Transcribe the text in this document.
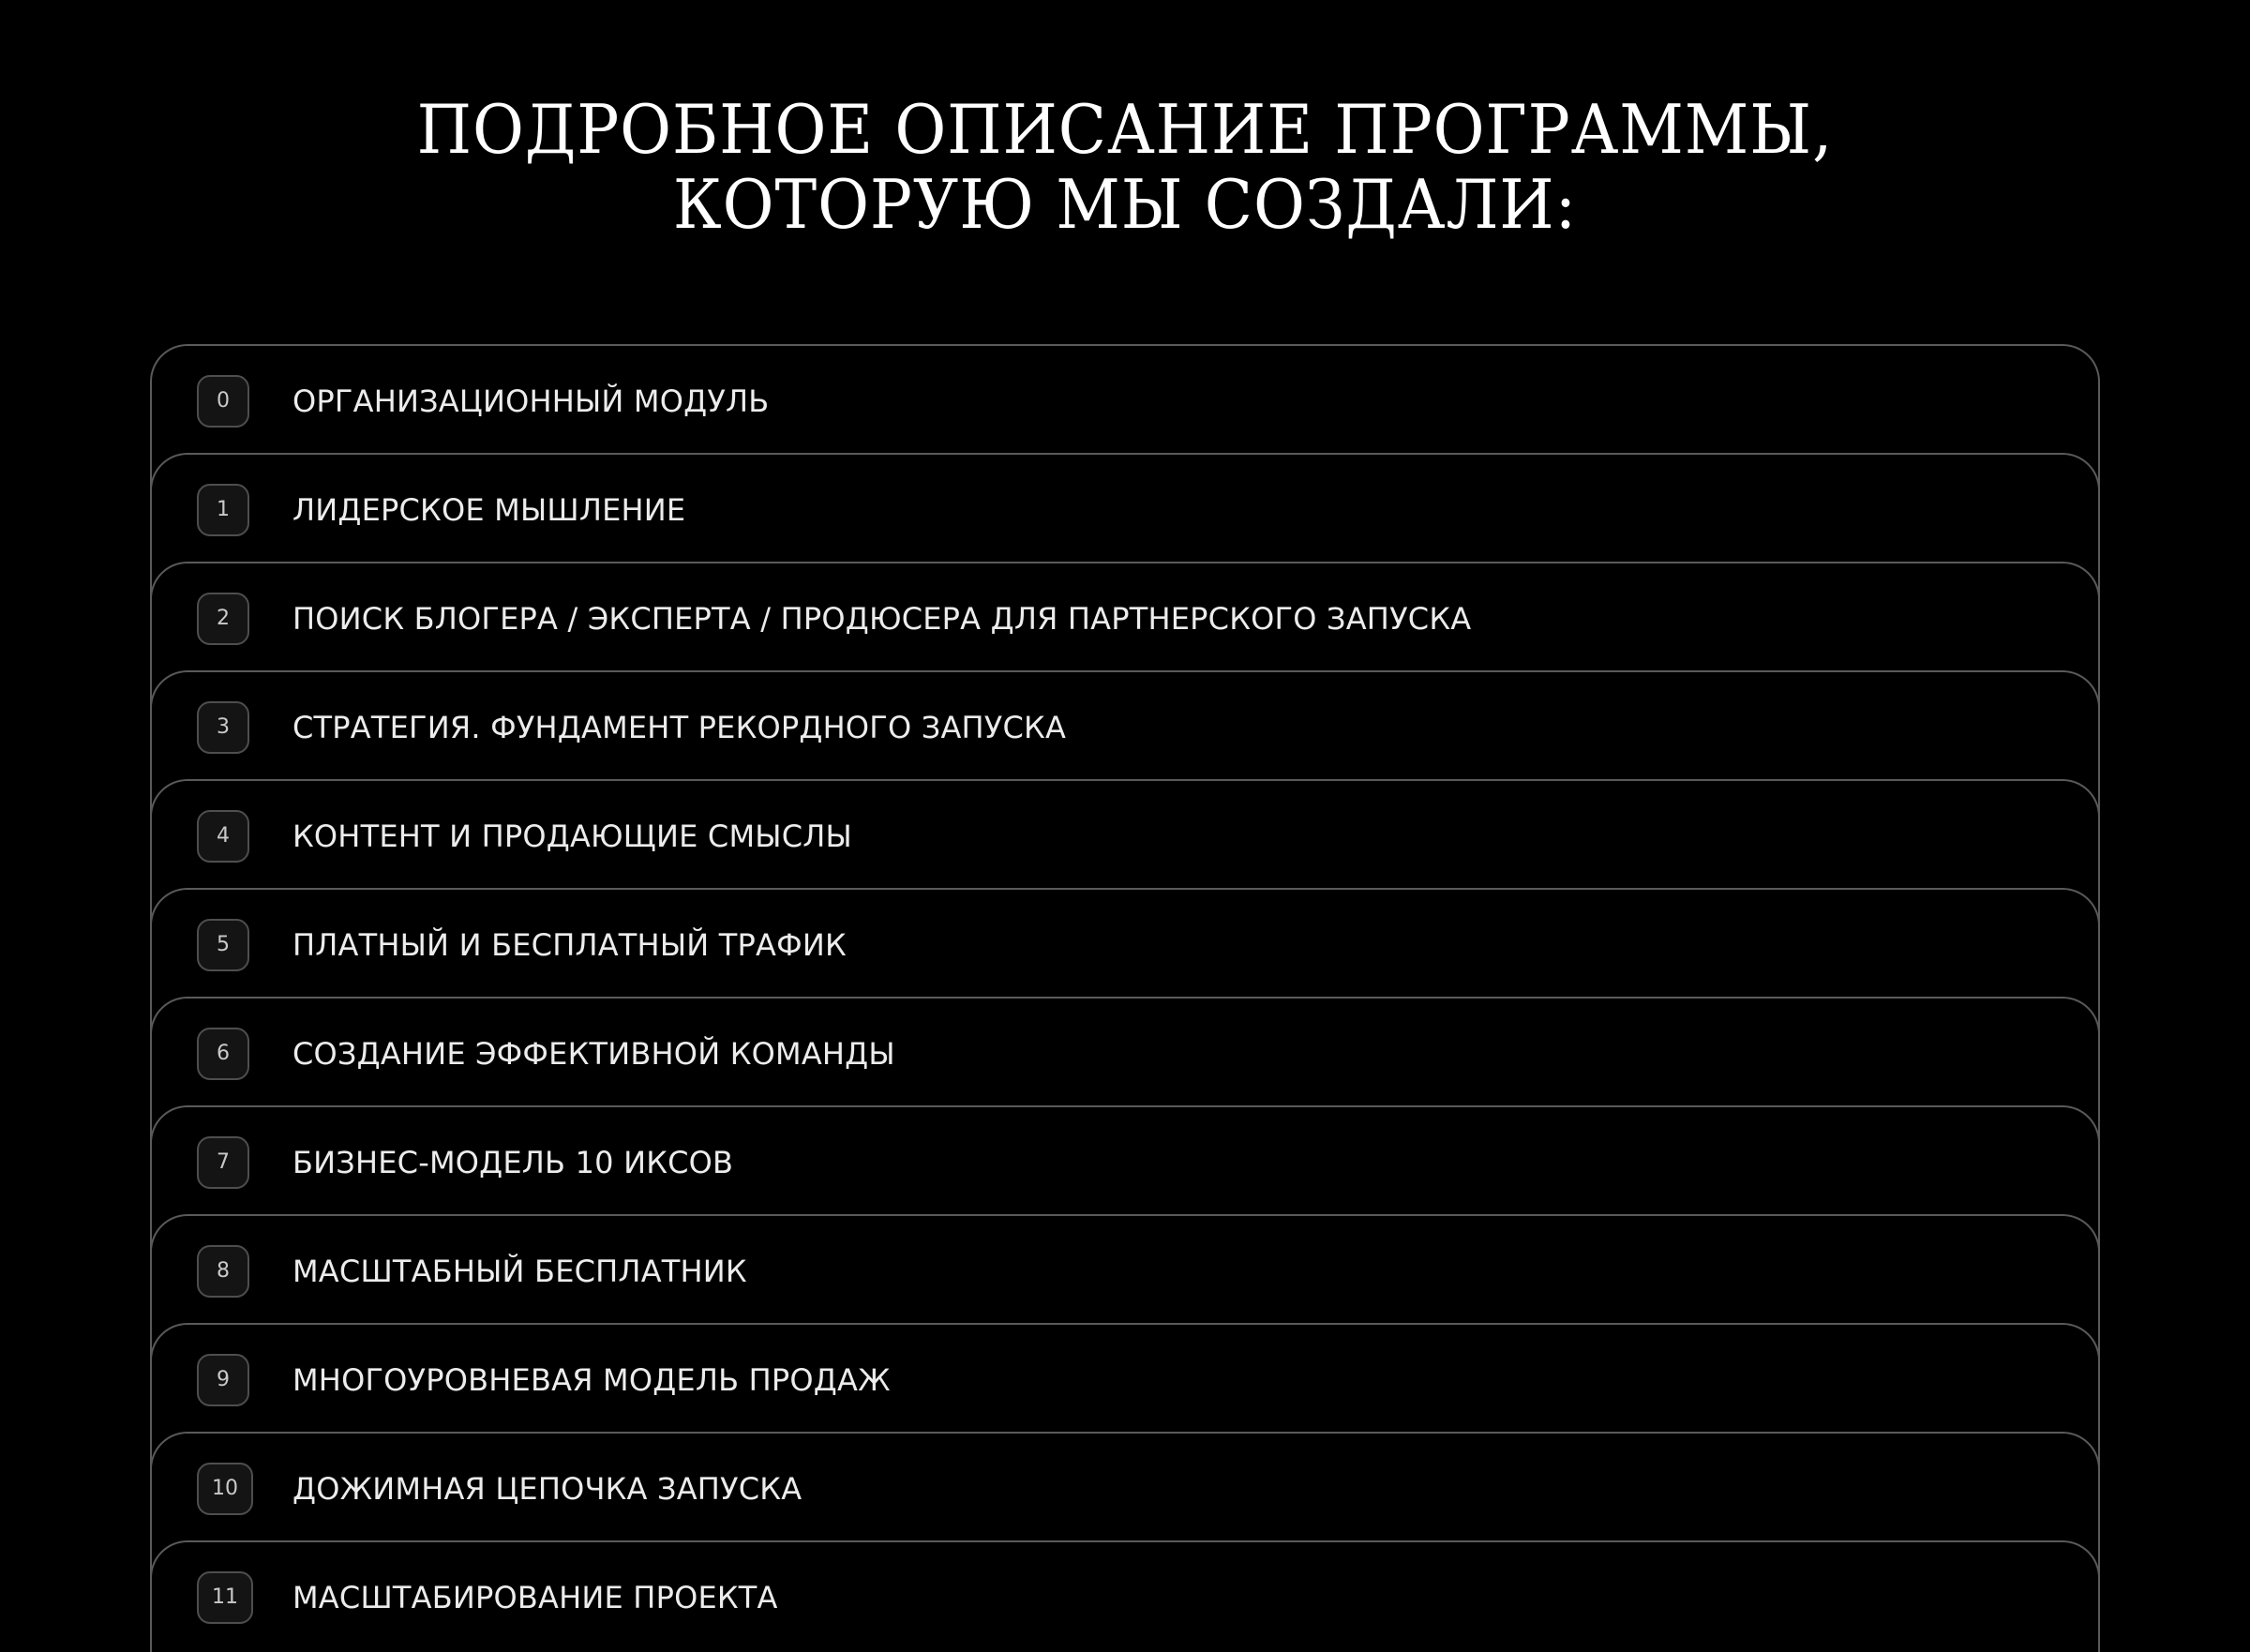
ПОДРОБНОЕ ОПИСАНИЕ ПРОГРАММЫ,
КОТОРУЮ МЫ СОЗДАЛИ:
0	ОРГАНИЗАЦИОННЫЙ МОДУЛЬ
1	ЛИДЕРСКОЕ МЫШЛЕНИЕ
2	ПОИСК БЛОГЕРА / ЭКСПЕРТА / ПРОДЮСЕРА ДЛЯ ПАРТНЕРСКОГО ЗАПУСКА
3	СТРАТЕГИЯ. ФУНДАМЕНТ РЕКОРДНОГО ЗАПУСКА
4	КОНТЕНТ И ПРОДАЮЩИЕ СМЫСЛЫ
5	ПЛАТНЫЙ И БЕСПЛАТНЫЙ ТРАФИК
6	СОЗДАНИЕ ЭФФЕКТИВНОЙ КОМАНДЫ
7	БИЗНЕС-МОДЕЛЬ 10 ИКСОВ
8	МАСШТАБНЫЙ БЕСПЛАТНИК
9	МНОГОУРОВНЕВАЯ МОДЕЛЬ ПРОДАЖ
10	ДОЖИМНАЯ ЦЕПОЧКА ЗАПУСКА
11	МАСШТАБИРОВАНИЕ ПРОЕКТА
